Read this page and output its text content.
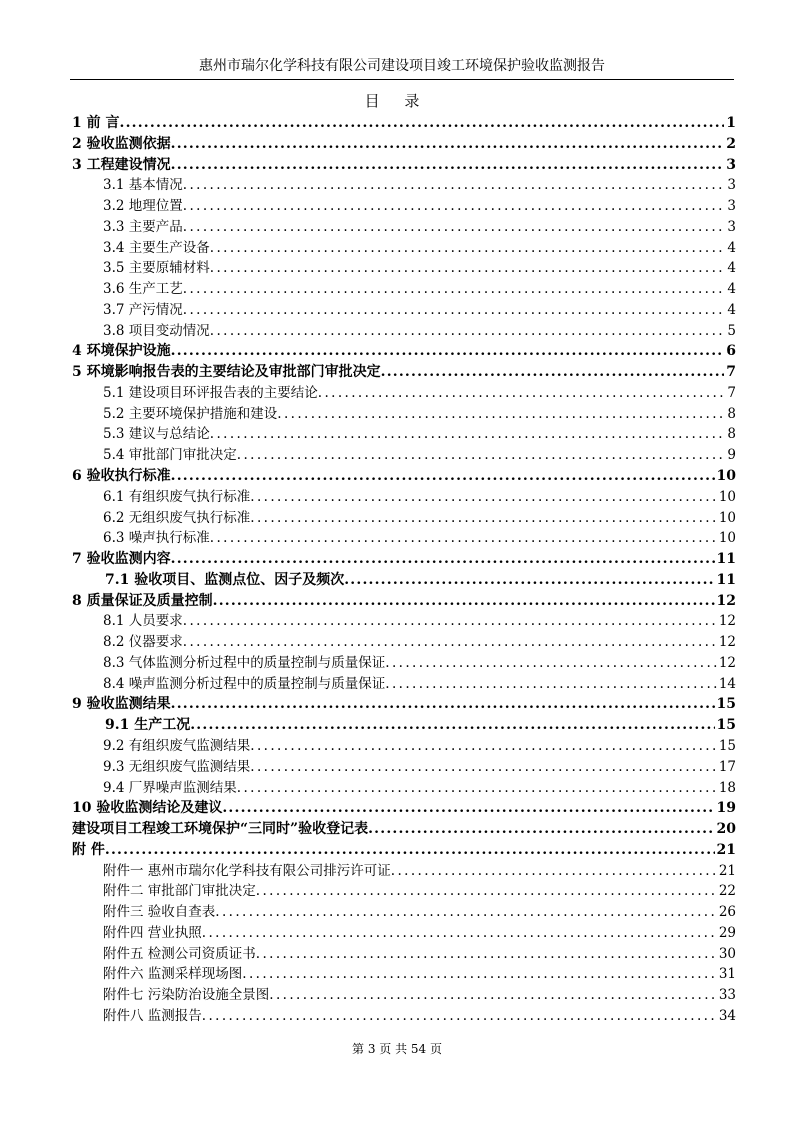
惠州市瑞尔化学科技有限公司建设项目竣工环境保护验收监测报告
目 录
1 前 言 .....	1
2 验收监测依据 .....	2
3 工程建设情况 .....	3
3.1 基本情况 .....	3
3.2 地理位置 .....	3
3.3 主要产品 .....	3
3.4 主要生产设备 .....	4
3.5 主要原辅材料 .....	4
3.6 生产工艺 .....	4
3.7 产污情况 .....	4
3.8 项目变动情况 .....	5
4 环境保护设施 .....	6
5 环境影响报告表的主要结论及审批部门审批决定 .....	7
5.1 建设项目环评报告表的主要结论 .....	7
5.2 主要环境保护措施和建设 .....	8
5.3 建议与总结论 .....	8
5.4 审批部门审批决定 .....	9
6 验收执行标准 .....	10
6.1 有组织废气执行标准 .....	10
6.2 无组织废气执行标准 .....	10
6.3 噪声执行标准 .....	10
7 验收监测内容 .....	11
7.1 验收项目、监测点位、因子及频次 .....	11
8 质量保证及质量控制 .....	12
8.1 人员要求 .....	12
8.2 仪器要求 .....	12
8.3 气体监测分析过程中的质量控制与质量保证 .....	12
8.4 噪声监测分析过程中的质量控制与质量保证 .....	14
9 验收监测结果 .....	15
9.1 生产工况 .....	15
9.2 有组织废气监测结果 .....	15
9.3 无组织废气监测结果 .....	17
9.4 厂界噪声监测结果 .....	18
10 验收监测结论及建议 .....	19
建设项目工程竣工环境保护“三同时”验收登记表 .....	20
附 件 .....	21
附件一 惠州市瑞尔化学科技有限公司排污许可证 .....	21
附件二 审批部门审批决定 .....	22
附件三 验收自查表 .....	26
附件四 营业执照 .....	29
附件五 检测公司资质证书 .....	30
附件六 监测采样现场图 .....	31
附件七 污染防治设施全景图 .....	33
附件八 监测报告 .....	34
第 3 页 共 54 页
